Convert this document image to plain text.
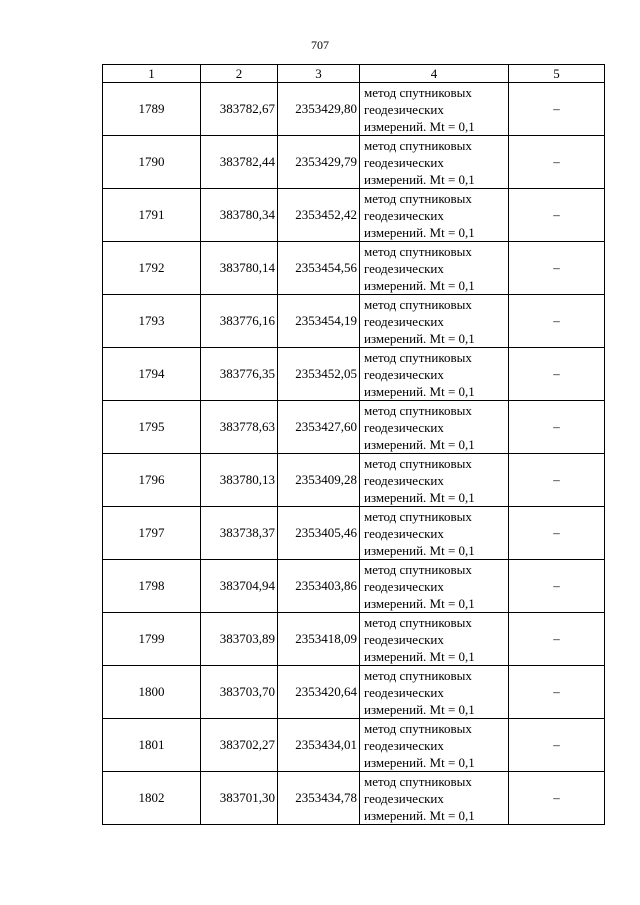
707
1	2	3	4	5
1789	383782,67	2353429,80	метод спутниковых
геодезических
измерений. Mt = 0,1	–
1790	383782,44	2353429,79	метод спутниковых
геодезических
измерений. Mt = 0,1	–
1791	383780,34	2353452,42	метод спутниковых
геодезических
измерений. Mt = 0,1	–
1792	383780,14	2353454,56	метод спутниковых
геодезических
измерений. Mt = 0,1	–
1793	383776,16	2353454,19	метод спутниковых
геодезических
измерений. Mt = 0,1	–
1794	383776,35	2353452,05	метод спутниковых
геодезических
измерений. Mt = 0,1	–
1795	383778,63	2353427,60	метод спутниковых
геодезических
измерений. Mt = 0,1	–
1796	383780,13	2353409,28	метод спутниковых
геодезических
измерений. Mt = 0,1	–
1797	383738,37	2353405,46	метод спутниковых
геодезических
измерений. Mt = 0,1	–
1798	383704,94	2353403,86	метод спутниковых
геодезических
измерений. Mt = 0,1	–
1799	383703,89	2353418,09	метод спутниковых
геодезических
измерений. Mt = 0,1	–
1800	383703,70	2353420,64	метод спутниковых
геодезических
измерений. Mt = 0,1	–
1801	383702,27	2353434,01	метод спутниковых
геодезических
измерений. Mt = 0,1	–
1802	383701,30	2353434,78	метод спутниковых
геодезических
измерений. Mt = 0,1	–
